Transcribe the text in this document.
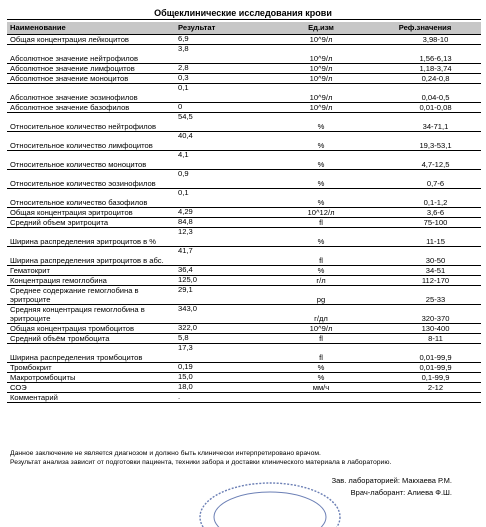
Общеклинические исследования крови
Наименование	Результат	Ед.изм	Реф.значения
Общая концентрация лейкоцитов	6,9	10^9/л	3,98-10
Абсолютное значение нейтрофилов	3,8	10^9/л	1,56-6,13
Абсолютное значение лимфоцитов	2,8	10^9/л	1,18-3,74
Абсолютное значение моноцитов	0,3	10^9/л	0,24-0,8
Абсолютное значение эозинофилов	0,1	10^9/л	0,04-0,5
Абсолютное значение базофилов	0	10^9/л	0,01-0,08
Относительное количество нейтрофилов	54,5	%	34-71,1
Относительное количество лимфоцитов	40,4	%	19,3-53,1
Относительное количество моноцитов	4,1	%	4,7-12,5
Относительное количество эозинофилов	0,9	%	0,7-6
Относительное количество базофилов	0,1	%	0,1-1,2
Общая концентрация эритроцитов	4,29	10^12/л	3,6-6
Средний объем эритроцита	84,8	fl	75-100
Ширина распределения эритроцитов в %	12,3	%	11-15
Ширина распределения эритроцитов в абс.	41,7	fl	30-50
Гематокрит	36,4	%	34-51
Концентрация гемоглобина	125,0	г/л	112-170
Среднее содержание гемоглобина в эритроците	29,1	pg	25-33
Средняя концентрация гемоглобина в эритроците	343,0	г/дл	320-370
Общая концентрация тромбоцитов	322,0	10^9/л	130-400
Средний объём тромбоцита	5,8	fl	8-11
Ширина распределения тромбоцитов	17,3	fl	0,01-99,9
Тромбокрит	0,19	%	0,01-99,9
Макротромбоциты	15,0	%	0,1-99,9
СОЭ	18,0	мм/ч	2-12
Комментарий	.		
Данное заключение не является диагнозом и должно быть клинически интерпретировано врачом.
Результат анализа зависит от подготовки пациента, техники забора и доставки клинического материала в лабораторию.
Зав. лабораторией: Макхаева Р.М.
Врач-лаборант: Алиева Ф.Ш.
